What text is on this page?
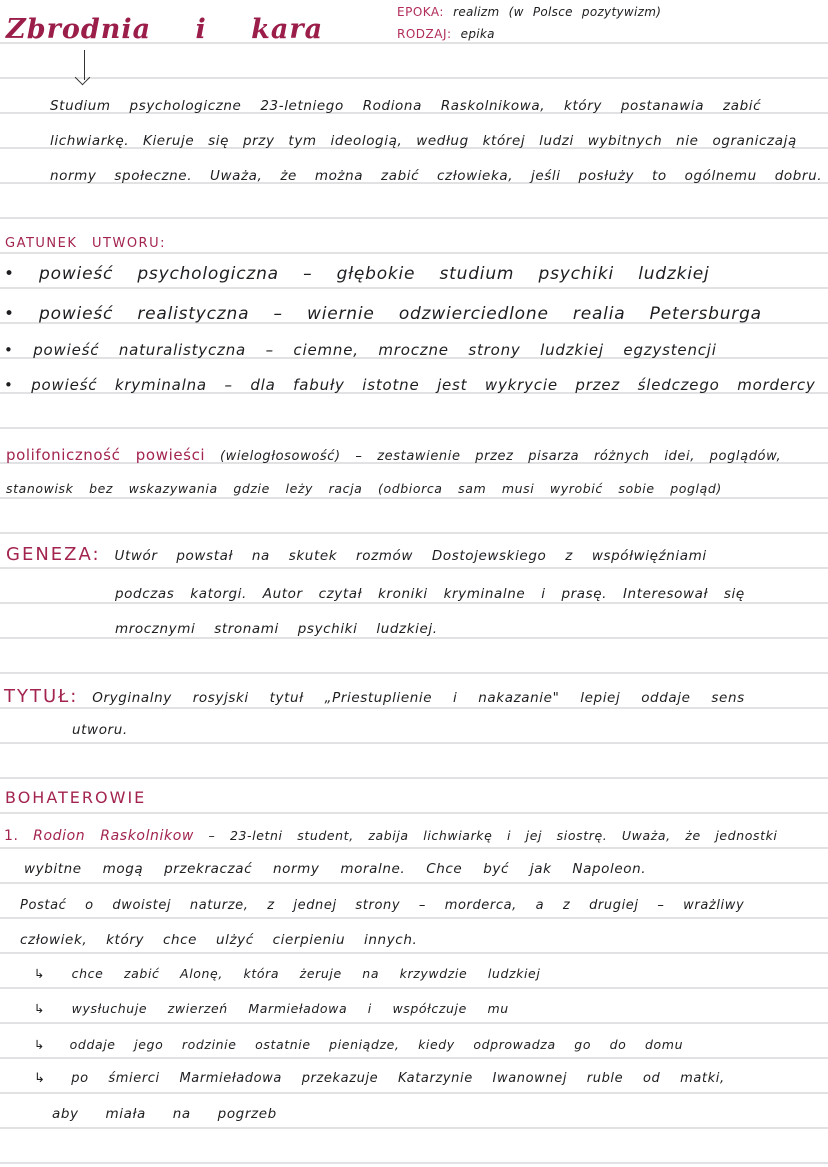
Zbrodnia i kara
EPOKA: realizm (w Polsce pozytywizm)
RODZAJ: epika
Studium psychologiczne 23-letniego Rodiona Raskolnikowa, który postanawia zabić
lichwiarkę. Kieruje się przy tym ideologią, według której ludzi wybitnych nie ograniczają
normy społeczne. Uważa, że można zabić człowieka, jeśli posłuży to ogólnemu dobru.
GATUNEK UTWORU:
• powieść psychologiczna – głębokie studium psychiki ludzkiej
• powieść realistyczna – wiernie odzwierciedlone realia Petersburga
• powieść naturalistyczna – ciemne, mroczne strony ludzkiej egzystencji
• powieść kryminalna – dla fabuły istotne jest wykrycie przez śledczego mordercy
polifoniczność powieści (wielogłosowość) – zestawienie przez pisarza różnych idei, poglądów,
stanowisk bez wskazywania gdzie leży racja (odbiorca sam musi wyrobić sobie pogląd)
GENEZA: Utwór powstał na skutek rozmów Dostojewskiego z współwięźniami
podczas katorgi. Autor czytał kroniki kryminalne i prasę. Interesował się
mrocznymi stronami psychiki ludzkiej.
TYTUŁ: Oryginalny rosyjski tytuł „Priestuplienie i nakazanie" lepiej oddaje sens
utworu.
BOHATEROWIE
1. Rodion Raskolnikow – 23-letni student, zabija lichwiarkę i jej siostrę. Uważa, że jednostki
wybitne mogą przekraczać normy moralne. Chce być jak Napoleon.
Postać o dwoistej naturze, z jednej strony – morderca, a z drugiej – wrażliwy
człowiek, który chce ulżyć cierpieniu innych.
↳ chce zabić Alonę, która żeruje na krzywdzie ludzkiej
↳ wysłuchuje zwierzeń Marmieładowa i współczuje mu
↳ oddaje jego rodzinie ostatnie pieniądze, kiedy odprowadza go do domu
↳ po śmierci Marmieładowa przekazuje Katarzynie Iwanownej ruble od matki,
aby miała na pogrzeb
